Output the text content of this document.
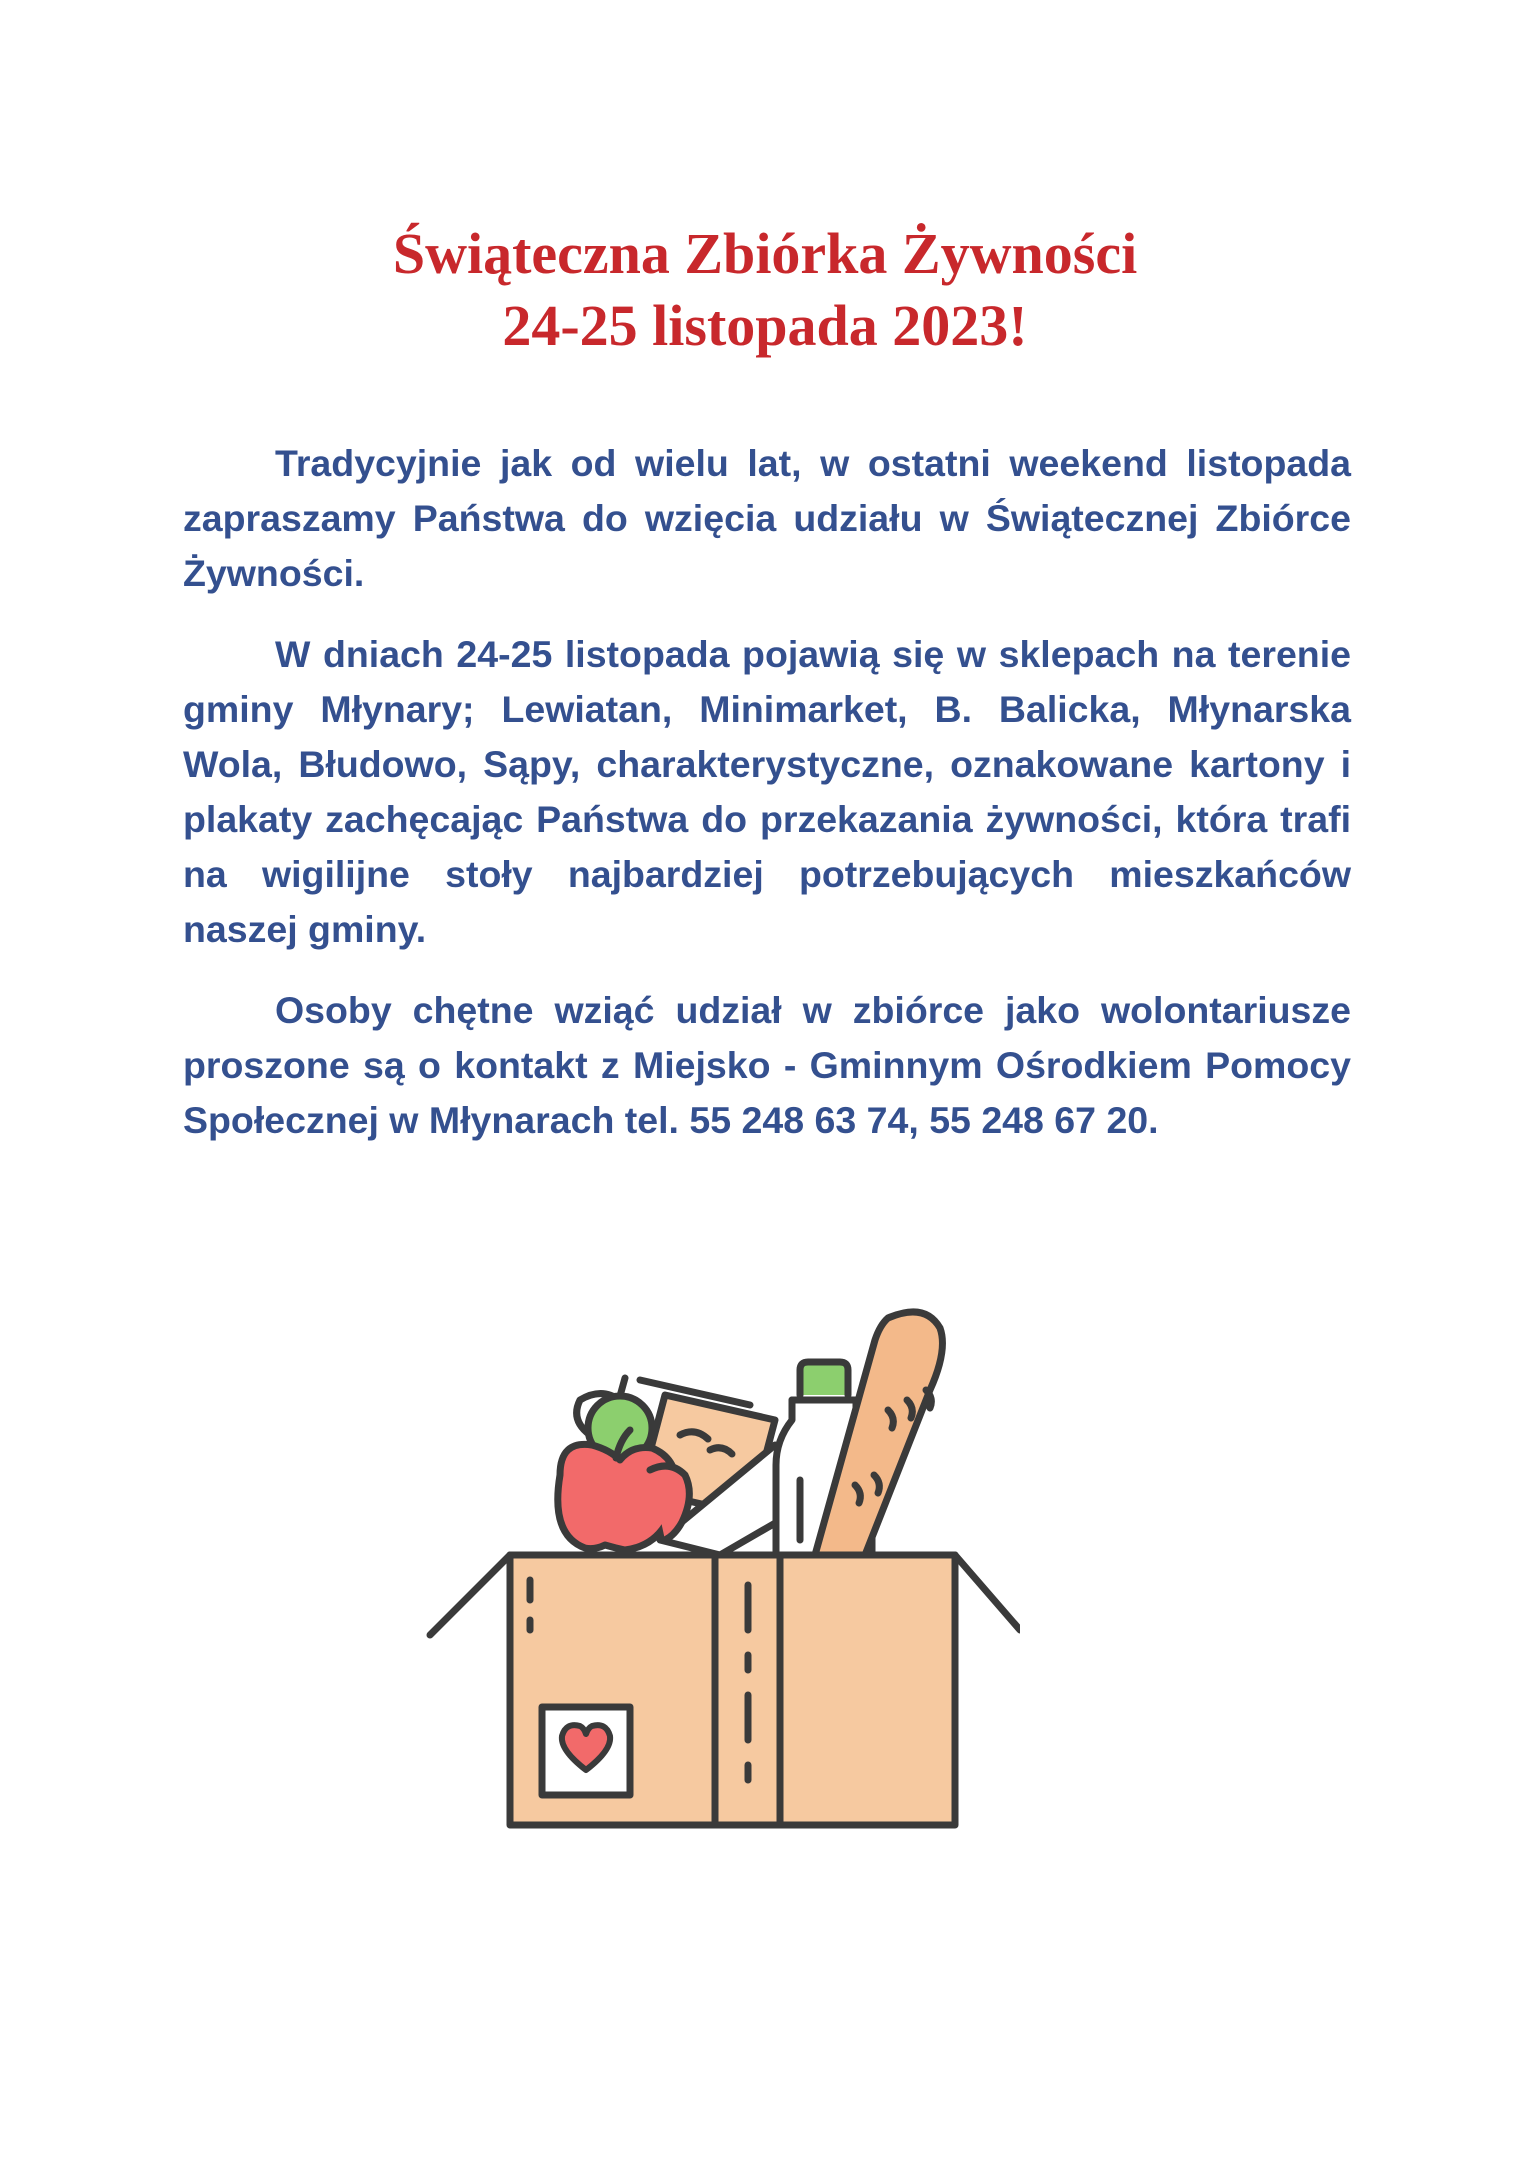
Świąteczna Zbiórka Żywności
24-25 listopada 2023!

Tradycyjnie jak od wielu lat, w ostatni weekend listopada zapraszamy Państwa do wzięcia udziału w Świątecznej Zbiórce Żywności.

W dniach 24-25 listopada pojawią się w sklepach na terenie gminy Młynary; Lewiatan, Minimarket, B. Balicka, Młynarska Wola, Błudowo, Sąpy, charakterystyczne, oznakowane kartony i plakaty zachęcając Państwa do przekazania żywności, która trafi na wigilijne stoły najbardziej potrzebujących mieszkańców naszej gminy.

Osoby chętne wziąć udział w zbiórce jako wolontariusze proszone są o kontakt z Miejsko - Gminnym Ośrodkiem Pomocy Społecznej w Młynarach tel. 55 248 63 74, 55 248 67 20.
